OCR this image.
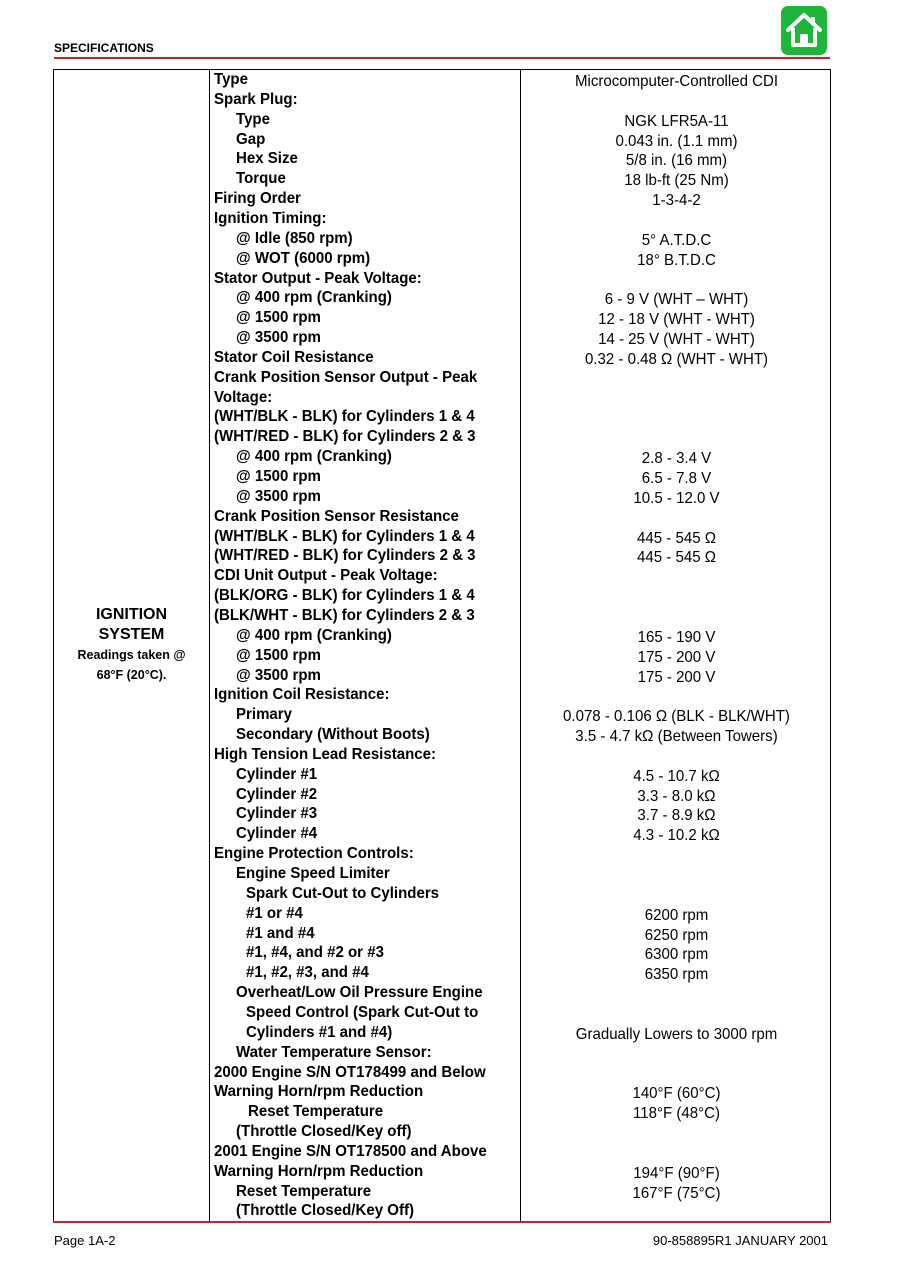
SPECIFICATIONS
IGNITION
SYSTEM
Readings taken @
68°F (20°C).
Type	Microcomputer-Controlled CDI
Spark Plug:
Type	NGK LFR5A-11
Gap	0.043 in. (1.1 mm)
Hex Size	5/8 in. (16 mm)
Torque	18 lb-ft (25 Nm)
Firing Order	1-3-4-2
Ignition Timing:
@ Idle (850 rpm)	5° A.T.D.C
@ WOT (6000 rpm)	18° B.T.D.C
Stator Output - Peak Voltage:
@ 400 rpm (Cranking)	6 - 9 V (WHT – WHT)
@ 1500 rpm	12 - 18 V (WHT - WHT)
@ 3500 rpm	14 - 25 V (WHT - WHT)
Stator Coil Resistance	0.32 - 0.48 Ω (WHT - WHT)
Crank Position Sensor Output - Peak
Voltage:
(WHT/BLK - BLK) for Cylinders 1 & 4
(WHT/RED - BLK) for Cylinders 2 & 3
@ 400 rpm (Cranking)	2.8 - 3.4 V
@ 1500 rpm	6.5 - 7.8 V
@ 3500 rpm	10.5 - 12.0 V
Crank Position Sensor Resistance
(WHT/BLK - BLK) for Cylinders 1 & 4	445 - 545 Ω
(WHT/RED - BLK) for Cylinders 2 & 3	445 - 545 Ω
CDI Unit Output - Peak Voltage:
(BLK/ORG - BLK) for Cylinders 1 & 4
(BLK/WHT - BLK) for Cylinders 2 & 3
@ 400 rpm (Cranking)	165 - 190 V
@ 1500 rpm	175 - 200 V
@ 3500 rpm	175 - 200 V
Ignition Coil Resistance:
Primary	0.078 - 0.106 Ω (BLK - BLK/WHT)
Secondary (Without Boots)	3.5 - 4.7 kΩ (Between Towers)
High Tension Lead Resistance:
Cylinder #1	4.5 - 10.7 kΩ
Cylinder #2	3.3 - 8.0 kΩ
Cylinder #3	3.7 - 8.9 kΩ
Cylinder #4	4.3 - 10.2 kΩ
Engine Protection Controls:
Engine Speed Limiter
Spark Cut-Out to Cylinders
#1 or #4	6200 rpm
#1 and #4	6250 rpm
#1, #4, and #2 or #3	6300 rpm
#1, #2, #3, and #4	6350 rpm
Overheat/Low Oil Pressure Engine
Speed Control (Spark Cut-Out to
Cylinders #1 and #4)	Gradually Lowers to 3000 rpm
Water Temperature Sensor:
2000 Engine S/N OT178499 and Below
Warning Horn/rpm Reduction	140°F (60°C)
Reset Temperature	118°F (48°C)
(Throttle Closed/Key off)
2001 Engine S/N OT178500 and Above
Warning Horn/rpm Reduction	194°F (90°F)
Reset Temperature	167°F (75°C)
(Throttle Closed/Key Off)
Page 1A-2	90-858895R1 JANUARY 2001
